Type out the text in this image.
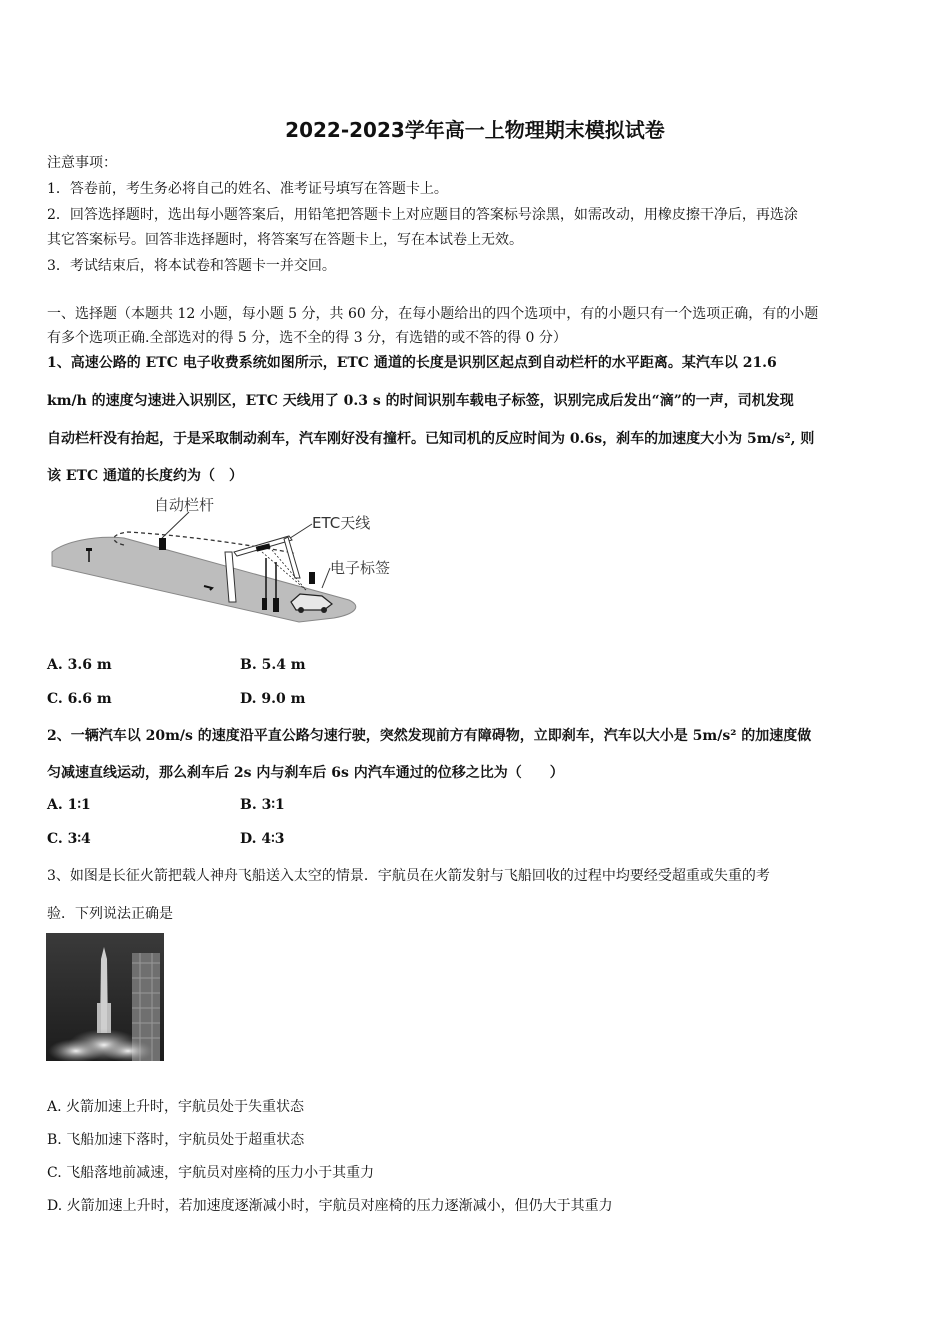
2022-2023学年高一上物理期末模拟试卷
注意事项：
1．答卷前，考生务必将自己的姓名、准考证号填写在答题卡上。
2．回答选择题时，选出每小题答案后，用铅笔把答题卡上对应题目的答案标号涂黑，如需改动，用橡皮擦干净后，再选涂
其它答案标号。回答非选择题时，将答案写在答题卡上，写在本试卷上无效。
3．考试结束后，将本试卷和答题卡一并交回。
一、选择题（本题共 12 小题，每小题 5 分，共 60 分，在每小题给出的四个选项中，有的小题只有一个选项正确，有的小题
有多个选项正确.全部选对的得 5 分，选不全的得 3 分，有选错的或不答的得 0 分）
1、高速公路的 ETC 电子收费系统如图所示，ETC 通道的长度是识别区起点到自动栏杆的水平距离。某汽车以 21.6
km/h 的速度匀速进入识别区，ETC 天线用了 0.3 s 的时间识别车载电子标签，识别完成后发出“滴”的一声，司机发现
自动栏杆没有抬起，于是采取制动刹车，汽车刚好没有撞杆。已知司机的反应时间为 0.6s，刹车的加速度大小为 5m/s², 则
该 ETC 通道的长度约为（　）
自动栏杆
ETC天线
电子标签
A. 3.6 m	B. 5.4 m
C. 6.6 m	D. 9.0 m
2、一辆汽车以 20m/s 的速度沿平直公路匀速行驶，突然发现前方有障碍物，立即刹车，汽车以大小是 5m/s² 的加速度做
匀减速直线运动，那么刹车后 2s 内与刹车后 6s 内汽车通过的位移之比为（　　）
A. 1∶1	B. 3∶1
C. 3∶4	D. 4∶3
3、如图是长征火箭把载人神舟飞船送入太空的情景．宇航员在火箭发射与飞船回收的过程中均要经受超重或失重的考
验．下列说法正确是
A. 火箭加速上升时，宇航员处于失重状态
B. 飞船加速下落时，宇航员处于超重状态
C. 飞船落地前减速，宇航员对座椅的压力小于其重力
D. 火箭加速上升时，若加速度逐渐减小时，宇航员对座椅的压力逐渐减小，但仍大于其重力
